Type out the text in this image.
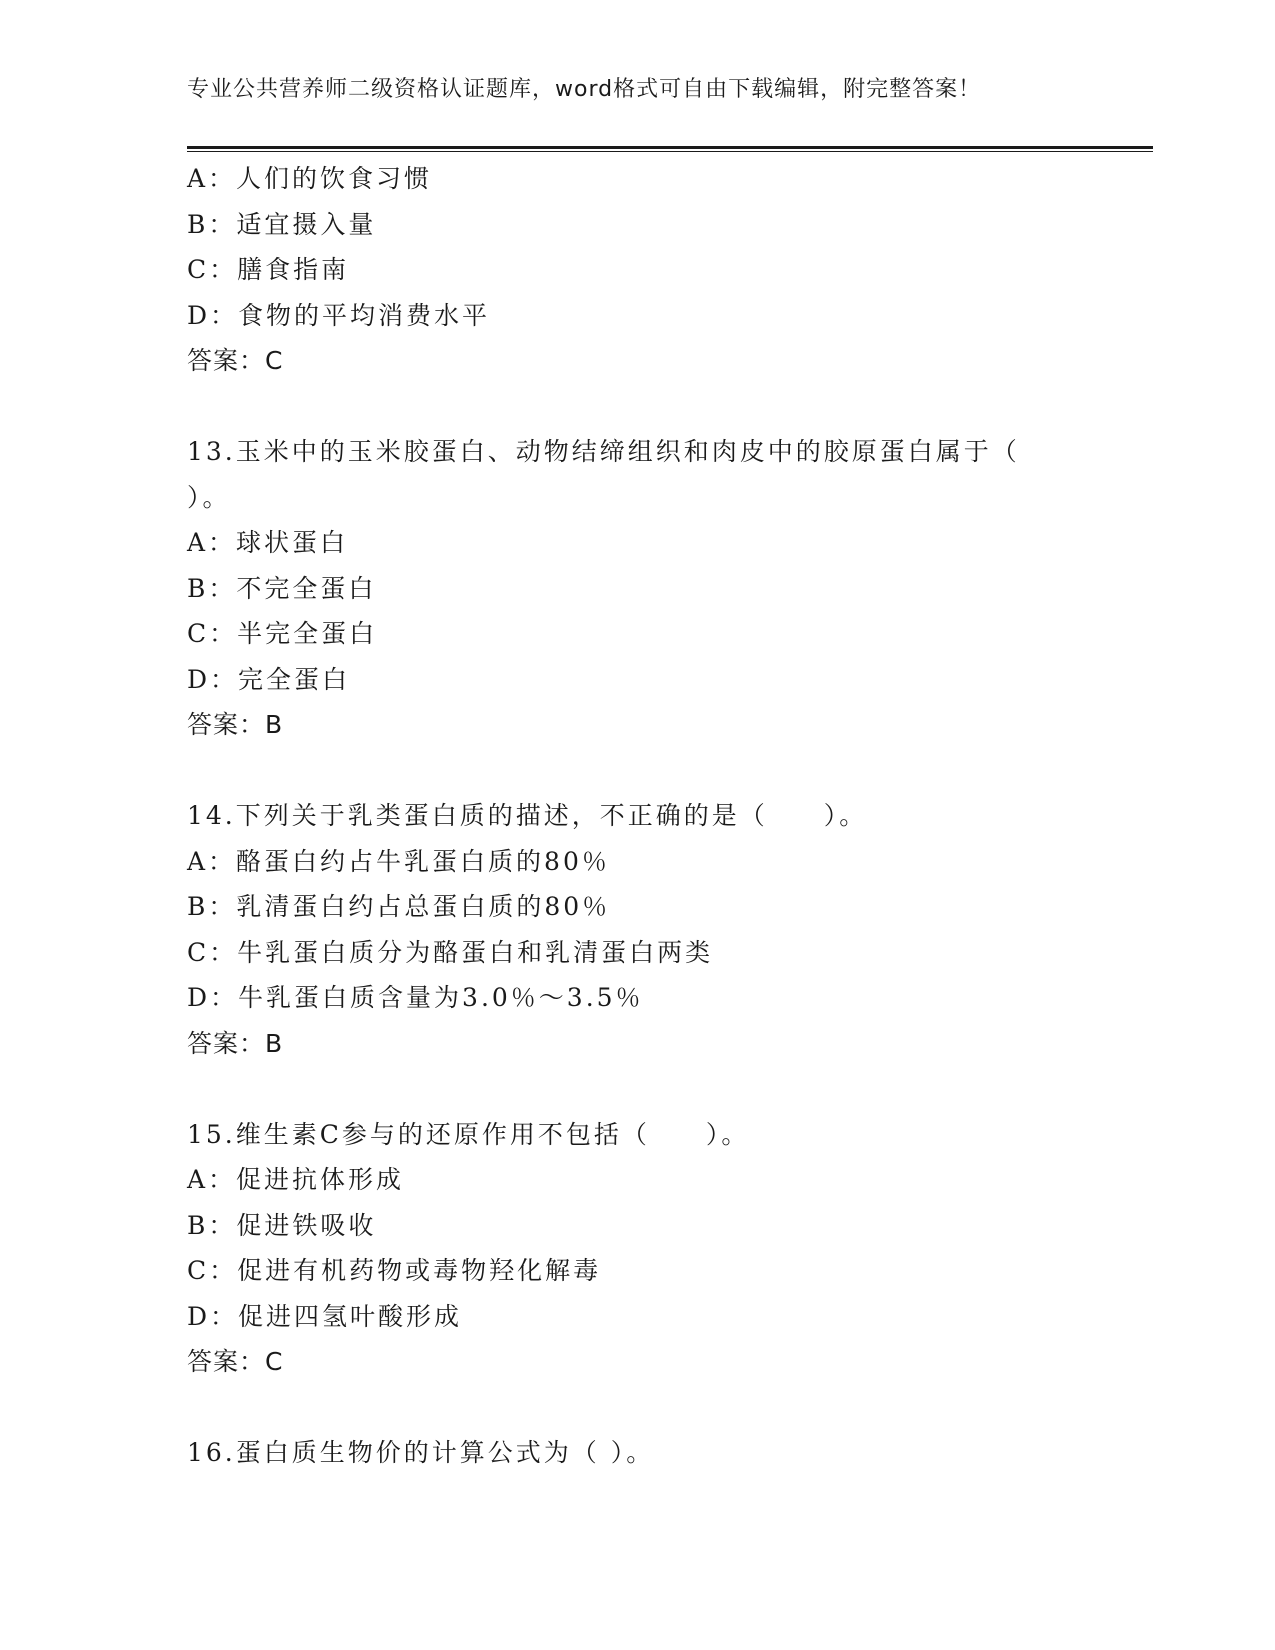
专业公共营养师二级资格认证题库，word格式可自由下载编辑，附完整答案！
A：人们的饮食习惯
B：适宜摄入量
C：膳食指南
D：食物的平均消费水平
答案：C
13.玉米中的玉米胶蛋白、动物结缔组织和肉皮中的胶原蛋白属于（
）。
A：球状蛋白
B：不完全蛋白
C：半完全蛋白
D：完全蛋白
答案：B
14.下列关于乳类蛋白质的描述，不正确的是（　　）。
A：酪蛋白约占牛乳蛋白质的80％
B：乳清蛋白约占总蛋白质的80％
C：牛乳蛋白质分为酪蛋白和乳清蛋白两类
D：牛乳蛋白质含量为3.0％～3.5％
答案：B
15.维生素C参与的还原作用不包括（　　）。
A：促进抗体形成
B：促进铁吸收
C：促进有机药物或毒物羟化解毒
D：促进四氢叶酸形成
答案：C
16.蛋白质生物价的计算公式为（ ）。
